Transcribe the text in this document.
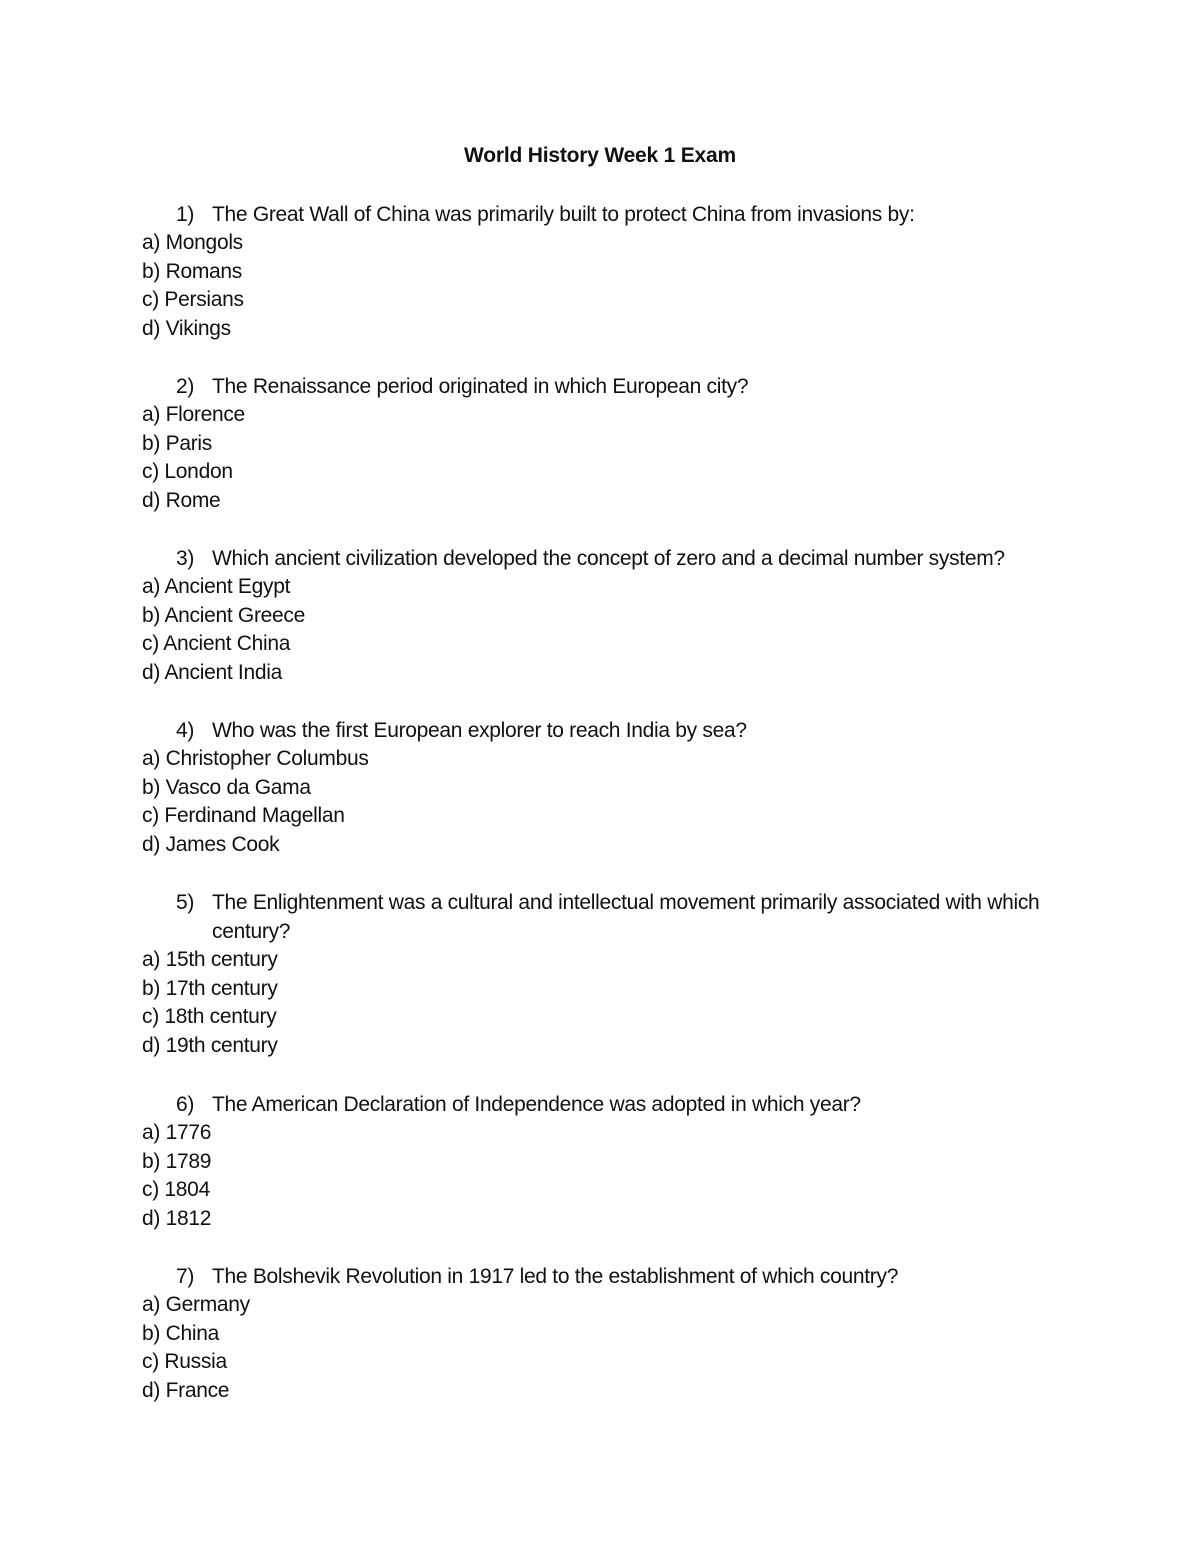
World History Week 1 Exam
1) The Great Wall of China was primarily built to protect China from invasions by:
a) Mongols
b) Romans
c) Persians
d) Vikings
2) The Renaissance period originated in which European city?
a) Florence
b) Paris
c) London
d) Rome
3) Which ancient civilization developed the concept of zero and a decimal number system?
a) Ancient Egypt
b) Ancient Greece
c) Ancient China
d) Ancient India
4) Who was the first European explorer to reach India by sea?
a) Christopher Columbus
b) Vasco da Gama
c) Ferdinand Magellan
d) James Cook
5) The Enlightenment was a cultural and intellectual movement primarily associated with which century?
a) 15th century
b) 17th century
c) 18th century
d) 19th century
6) The American Declaration of Independence was adopted in which year?
a) 1776
b) 1789
c) 1804
d) 1812
7) The Bolshevik Revolution in 1917 led to the establishment of which country?
a) Germany
b) China
c) Russia
d) France
